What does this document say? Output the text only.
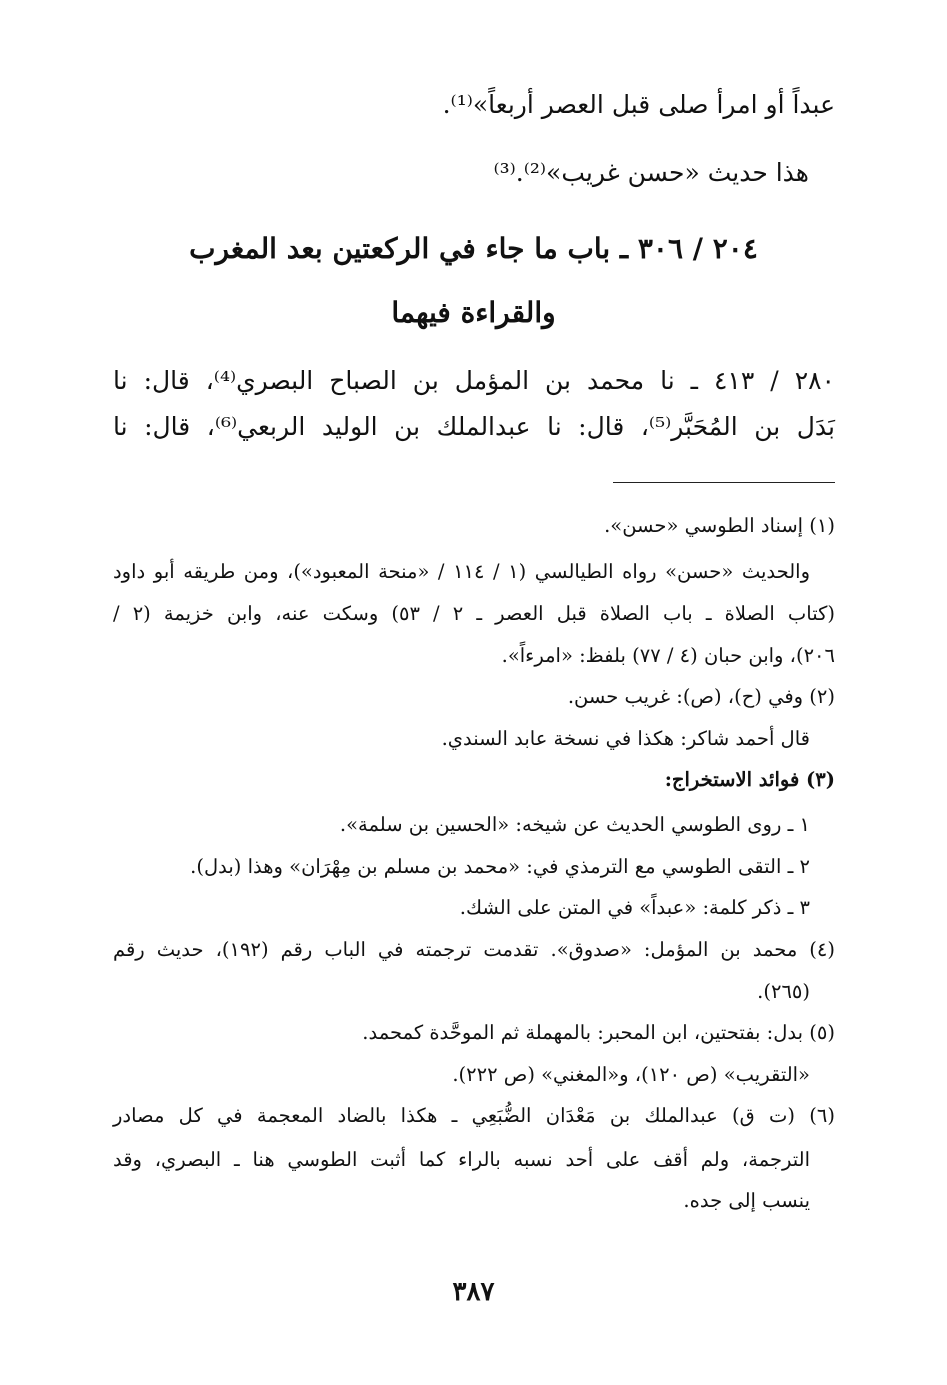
عبداً أو امرأ صلى قبل العصر أربعاً»⁽¹⁾.
هذا حديث «حسن غريب»⁽²⁾.⁽³⁾
٢٠٤ / ٣٠٦ ـ باب ما جاء في الركعتين بعد المغرب
والقراءة فيهما
٢٨٠ / ٤١٣ ـ نا محمد بن المؤمل بن الصباح البصري⁽⁴⁾، قال: نا
بَدَل بن المُحَبَّر⁽⁵⁾، قال: نا عبدالملك بن الوليد الربعي⁽⁶⁾، قال: نا
(١) إسناد الطوسي «حسن».
والحديث «حسن» رواه الطيالسي (١ / ١١٤ / «منحة المعبود»)، ومن طريقه أبو داود
(كتاب الصلاة ـ باب الصلاة قبل العصر ـ ٢ / ٥٣) وسكت عنه، وابن خزيمة (٢ /
٢٠٦)، وابن حبان (٤ / ٧٧) بلفظ: «امرءاً».
(٢) وفي (ح)، (ص): غريب حسن.
قال أحمد شاكر: هكذا في نسخة عابد السندي.
(٣) فوائد الاستخراج:
١ ـ روى الطوسي الحديث عن شيخه: «الحسين بن سلمة».
٢ ـ التقى الطوسي مع الترمذي في: «محمد بن مسلم بن مِهْرَان» وهذا (بدل).
٣ ـ ذكر كلمة: «عبداً» في المتن على الشك.
(٤) محمد بن المؤمل: «صدوق». تقدمت ترجمته في الباب رقم (١٩٢)، حديث رقم
(٢٦٥).
(٥) بدل: بفتحتين، ابن المحبر: بالمهملة ثم الموحَّدة كمحمد.
«التقريب» (ص ١٢٠)، و«المغني» (ص ٢٢٢).
(٦) (ت ق) عبدالملك بن مَعْدَان الضُّبَعِي ـ هكذا بالضاد المعجمة في كل مصادر
الترجمة، ولم أقف على أحد نسبه بالراء كما أثبت الطوسي هنا ـ البصري، وقد
ينسب إلى جده.
٣٨٧
